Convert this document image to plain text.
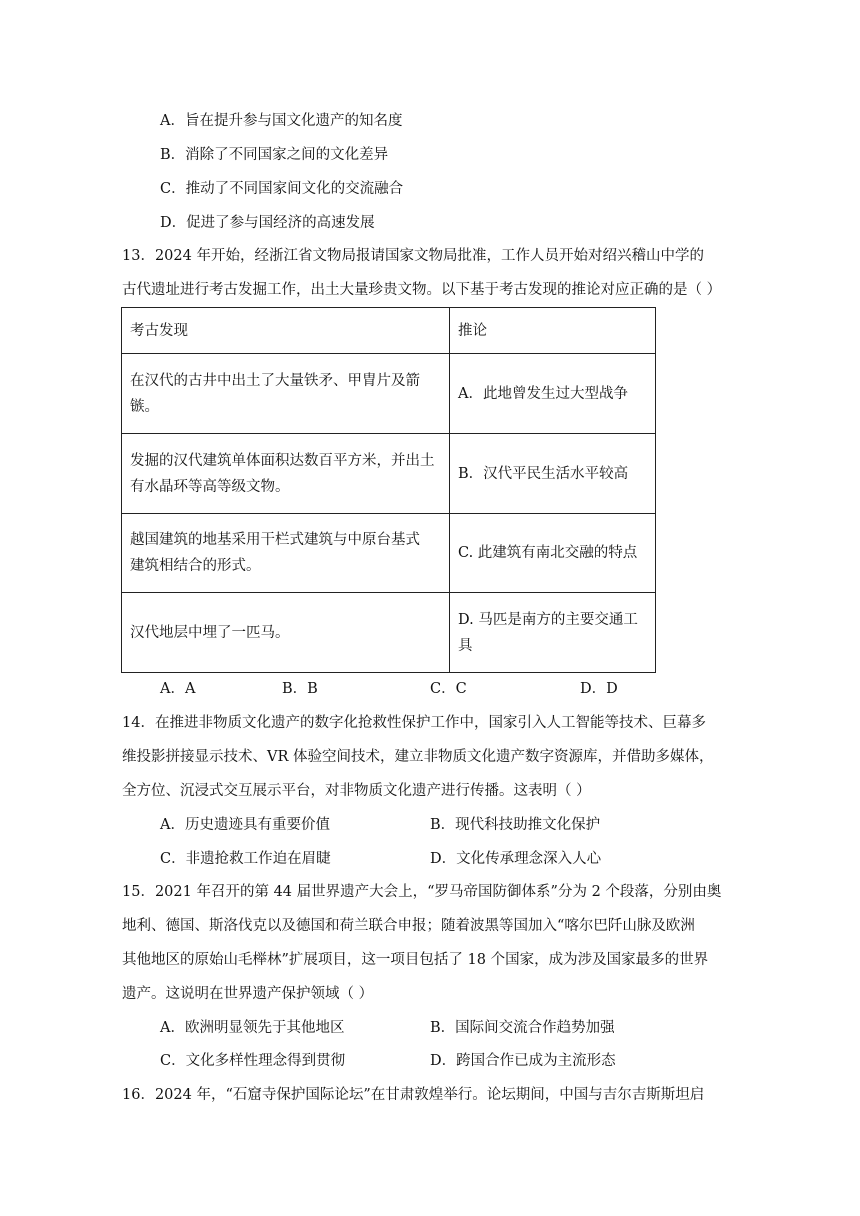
A．旨在提升参与国文化遗产的知名度
B．消除了不同国家之间的文化差异
C．推动了不同国家间文化的交流融合
D．促进了参与国经济的高速发展
13．2024 年开始，经浙江省文物局报请国家文物局批准，工作人员开始对绍兴稽山中学的
古代遗址进行考古发掘工作，出土大量珍贵文物。以下基于考古发现的推论对应正确的是（ ）
考古发现	推论

在汉代的古井中出土了大量铁矛、甲胄片及箭
镞。	A．此地曾发生过大型战争

发掘的汉代建筑单体面积达数百平方米，并出土
有水晶环等高等级文物。	B．汉代平民生活水平较高

越国建筑的地基采用干栏式建筑与中原台基式
建筑相结合的形式。	C. 此建筑有南北交融的特点
汉代地层中埋了一匹马。	D. 马匹是南方的主要交通工
具
A．A	B．B	C．C	D．D
14．在推进非物质文化遗产的数字化抢救性保护工作中，国家引入人工智能等技术、巨幕多
维投影拼接显示技术、VR 体验空间技术，建立非物质文化遗产数字资源库，并借助多媒体，
全方位、沉浸式交互展示平台，对非物质文化遗产进行传播。这表明（ ）
A．历史遗迹具有重要价值	B．现代科技助推文化保护
C．非遗抢救工作迫在眉睫	D．文化传承理念深入人心
15．2021 年召开的第 44 届世界遗产大会上，“罗马帝国防御体系”分为 2 个段落，分别由奥
地利、德国、斯洛伐克以及德国和荷兰联合申报；随着波黑等国加入“喀尔巴阡山脉及欧洲
其他地区的原始山毛榉林”扩展项目，这一项目包括了 18 个国家，成为涉及国家最多的世界
遗产。这说明在世界遗产保护领域（ ）
A．欧洲明显领先于其他地区	B．国际间交流合作趋势加强
C．文化多样性理念得到贯彻	D．跨国合作已成为主流形态
16．2024 年，“石窟寺保护国际论坛”在甘肃敦煌举行。论坛期间，中国与吉尔吉斯斯坦启
